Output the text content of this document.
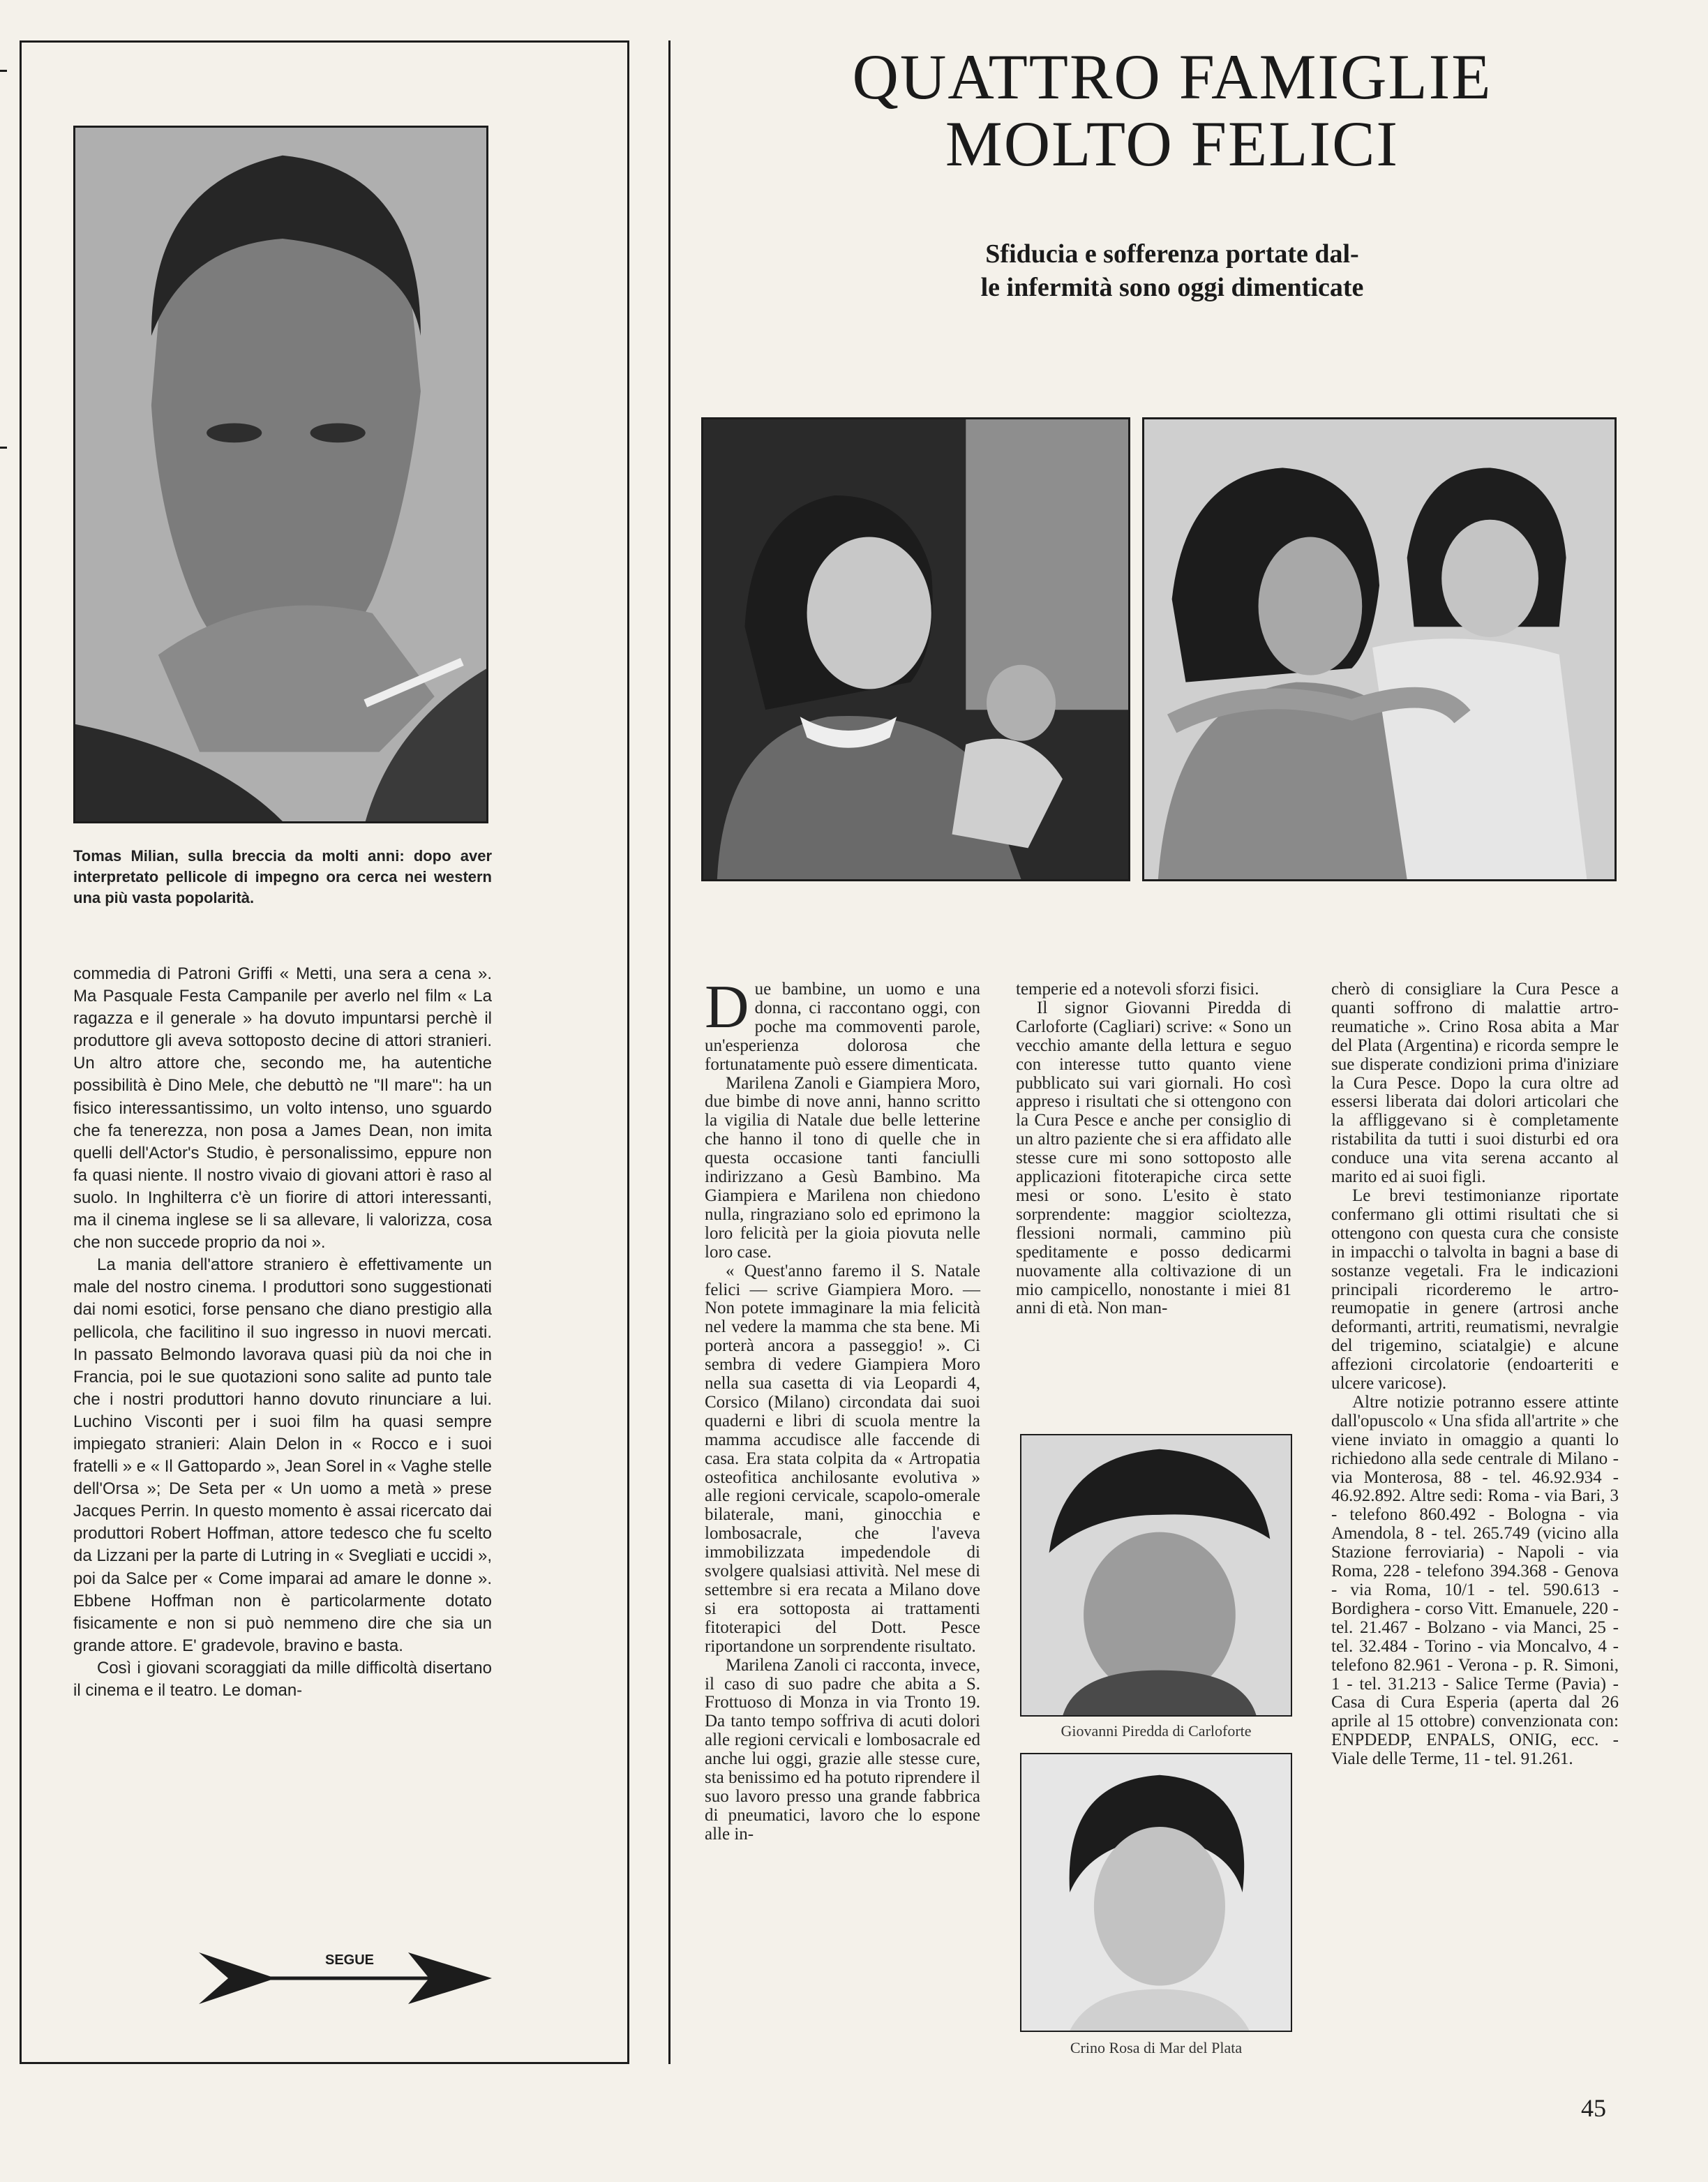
Tomas Milian, sulla breccia da molti anni: dopo aver interpretato pellicole di impegno ora cerca nei western una più vasta popolarità.

commedia di Patroni Griffi « Metti, una sera a cena ». Ma Pasquale Festa Campanile per averlo nel film « La ragazza e il generale » ha dovuto impuntarsi perchè il produttore gli aveva sottoposto decine di attori stranieri. Un altro attore che, secondo me, ha autentiche possibilità è Dino Mele, che debuttò ne "Il mare": ha un fisico interessantissimo, un volto intenso, uno sguardo che fa tenerezza, non posa a James Dean, non imita quelli dell'Actor's Studio, è personalissimo, eppure non fa quasi niente. Il nostro vivaio di giovani attori è raso al suolo. In Inghilterra c'è un fiorire di attori interessanti, ma il cinema inglese se li sa allevare, li valorizza, cosa che non succede proprio da noi ».

La mania dell'attore straniero è effettivamente un male del nostro cinema. I produttori sono suggestionati dai nomi esotici, forse pensano che diano prestigio alla pellicola, che facilitino il suo ingresso in nuovi mercati. In passato Belmondo lavorava quasi più da noi che in Francia, poi le sue quotazioni sono salite ad punto tale che i nostri produttori hanno dovuto rinunciare a lui. Luchino Visconti per i suoi film ha quasi sempre impiegato stranieri: Alain Delon in « Rocco e i suoi fratelli » e « Il Gattopardo », Jean Sorel in « Vaghe stelle dell'Orsa »; De Seta per « Un uomo a metà » prese Jacques Perrin. In questo momento è assai ricercato dai produttori Robert Hoffman, attore tedesco che fu scelto da Lizzani per la parte di Lutring in « Svegliati e uccidi », poi da Salce per « Come imparai ad amare le donne ». Ebbene Hoffman non è particolarmente dotato fisicamente e non si può nemmeno dire che sia un grande attore. E' gradevole, bravino e basta.

Così i giovani scoraggiati da mille difficoltà disertano il cinema e il teatro. Le doman-

SEGUE
QUATTRO FAMIGLIE
MOLTO FELICI
Sfiducia e sofferenza portate dal-
le infermità sono oggi dimenticate

Due bambine, un uomo e una donna, ci raccontano oggi, con poche ma commoventi parole, un'esperienza dolorosa che fortunatamente può essere dimenticata.

Marilena Zanoli e Giampiera Moro, due bimbe di nove anni, hanno scritto la vigilia di Natale due belle letterine che hanno il tono di quelle che in questa occasione tanti fanciulli indirizzano a Gesù Bambino. Ma Giampiera e Marilena non chiedono nulla, ringraziano solo ed eprimono la loro felicità per la gioia piovuta nelle loro case.

« Quest'anno faremo il S. Natale felici — scrive Giampiera Moro. — Non potete immaginare la mia felicità nel vedere la mamma che sta bene. Mi porterà ancora a passeggio! ». Ci sembra di vedere Giampiera Moro nella sua casetta di via Leopardi 4, Corsico (Milano) circondata dai suoi quaderni e libri di scuola mentre la mamma accudisce alle faccende di casa. Era stata colpita da « Artropatia osteofitica anchilosante evolutiva » alle regioni cervicale, scapolo-omerale bilaterale, mani, ginocchia e lombosacrale, che l'aveva immobilizzata impedendole di svolgere qualsiasi attività. Nel mese di settembre si era recata a Milano dove si era sottoposta ai trattamenti fitoterapici del Dott. Pesce riportandone un sorprendente risultato.

Marilena Zanoli ci racconta, invece, il caso di suo padre che abita a S. Frottuoso di Monza in via Tronto 19. Da tanto tempo soffriva di acuti dolori alle regioni cervicali e lombosacrale ed anche lui oggi, grazie alle stesse cure, sta benissimo ed ha potuto riprendere il suo lavoro presso una grande fabbrica di pneumatici, lavoro che lo espone alle in-

temperie ed a notevoli sforzi fisici.

Il signor Giovanni Piredda di Carloforte (Cagliari) scrive: « Sono un vecchio amante della lettura e seguo con interesse tutto quanto viene pubblicato sui vari giornali. Ho così appreso i risultati che si ottengono con la Cura Pesce e anche per consiglio di un altro paziente che si era affidato alle stesse cure mi sono sottoposto alle applicazioni fitoterapiche circa sette mesi or sono. L'esito è stato sorprendente: maggior scioltezza, flessioni normali, cammino più speditamente e posso dedicarmi nuovamente alla coltivazione di un mio campicello, nonostante i miei 81 anni di età. Non man-

cherò di consigliare la Cura Pesce a quanti soffrono di malattie artro-reumatiche ». Crino Rosa abita a Mar del Plata (Argentina) e ricorda sempre le sue disperate condizioni prima d'iniziare la Cura Pesce. Dopo la cura oltre ad essersi liberata dai dolori articolari che la affliggevano si è completamente ristabilita da tutti i suoi disturbi ed ora conduce una vita serena accanto al marito ed ai suoi figli.

Le brevi testimonianze riportate confermano gli ottimi risultati che si ottengono con questa cura che consiste in impacchi o talvolta in bagni a base di sostanze vegetali. Fra le indicazioni principali ricorderemo le artro-reumopatie in genere (artrosi anche deformanti, artriti, reumatismi, nevralgie del trigemino, sciatalgie) e alcune affezioni circolatorie (endoarteriti e ulcere varicose).

Altre notizie potranno essere attinte dall'opuscolo « Una sfida all'artrite » che viene inviato in omaggio a quanti lo richiedono alla sede centrale di Milano - via Monterosa, 88 - tel. 46.92.934 - 46.92.892. Altre sedi: Roma - via Bari, 3 - telefono 860.492 - Bologna - via Amendola, 8 - tel. 265.749 (vicino alla Stazione ferroviaria) - Napoli - via Roma, 228 - telefono 394.368 - Genova - via Roma, 10/1 - tel. 590.613 - Bordighera - corso Vitt. Emanuele, 220 - tel. 21.467 - Bolzano - via Manci, 25 - tel. 32.484 - Torino - via Moncalvo, 4 - telefono 82.961 - Verona - p. R. Simoni, 1 - tel. 31.213 - Salice Terme (Pavia) - Casa di Cura Esperia (aperta dal 26 aprile al 15 ottobre) convenzionata con: ENPDEDP, ENPALS, ONIG, ecc. - Viale delle Terme, 11 - tel. 91.261.

Giovanni Piredda di Carloforte
Crino Rosa di Mar del Plata
45
